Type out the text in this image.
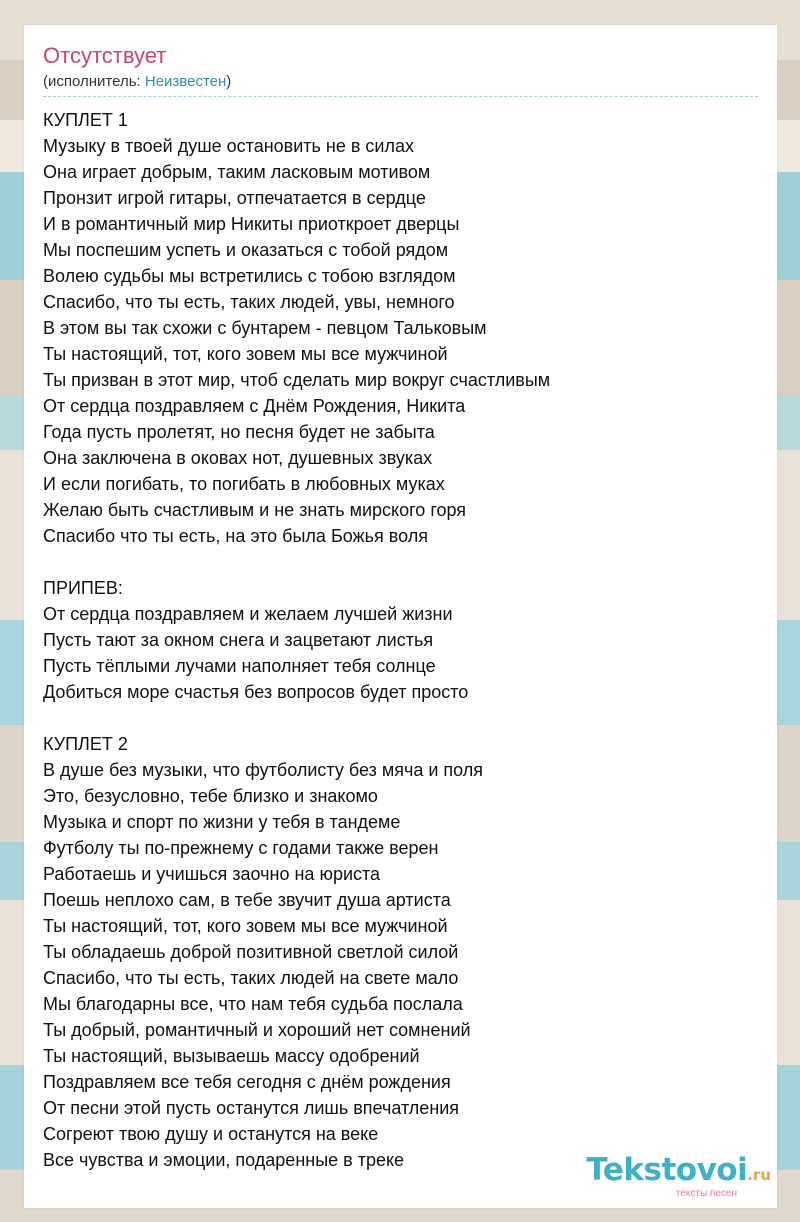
Отсутствует
(исполнитель: Неизвестен)
КУПЛЕТ 1
Музыку в твоей душе остановить не в силах
Она играет добрым, таким ласковым мотивом
Пронзит игрой гитары, отпечатается в сердце
И в романтичный мир Никиты приоткроет дверцы
Мы поспешим успеть и оказаться с тобой рядом
Волею судьбы мы встретились с тобою взглядом
Спасибо, что ты есть, таких людей, увы, немного
В этом вы так схожи с бунтарем - певцом Тальковым
Ты настоящий, тот, кого зовем мы все мужчиной
Ты призван в этот мир, чтоб сделать мир вокруг счастливым
От сердца поздравляем с Днём Рождения, Никита
Года пусть пролетят, но песня будет не забыта
Она заключена в оковах нот, душевных звуках
И если погибать, то погибать в любовных муках
Желаю быть счастливым и не знать мирского горя
Спасибо что ты есть, на это была Божья воля
ПРИПЕВ:
От сердца поздравляем и желаем лучшей жизни
Пусть тают за окном снега и зацветают листья
Пусть тёплыми лучами наполняет тебя солнце
Добиться море счастья без вопросов будет просто
КУПЛЕТ 2
В душе без музыки, что футболисту без мяча и поля
Это, безусловно, тебе близко и знакомо
Музыка и спорт по жизни у тебя в тандеме
Футболу ты по-прежнему с годами также верен
Работаешь и учишься заочно на юриста
Поешь неплохо сам, в тебе звучит душа артиста
Ты настоящий, тот, кого зовем мы все мужчиной
Ты обладаешь доброй позитивной светлой силой
Спасибо, что ты есть, таких людей на свете мало
Мы благодарны все, что нам тебя судьба послала
Ты добрый, романтичный и хороший нет сомнений
Ты настоящий, вызываешь массу одобрений
Поздравляем все тебя сегодня с днём рождения
От песни этой пусть останутся лишь впечатления
Согреют твою душу и останутся на веке
Все чувства и эмоции, подаренные в треке	Tekstovoi.ru
тексты песен
